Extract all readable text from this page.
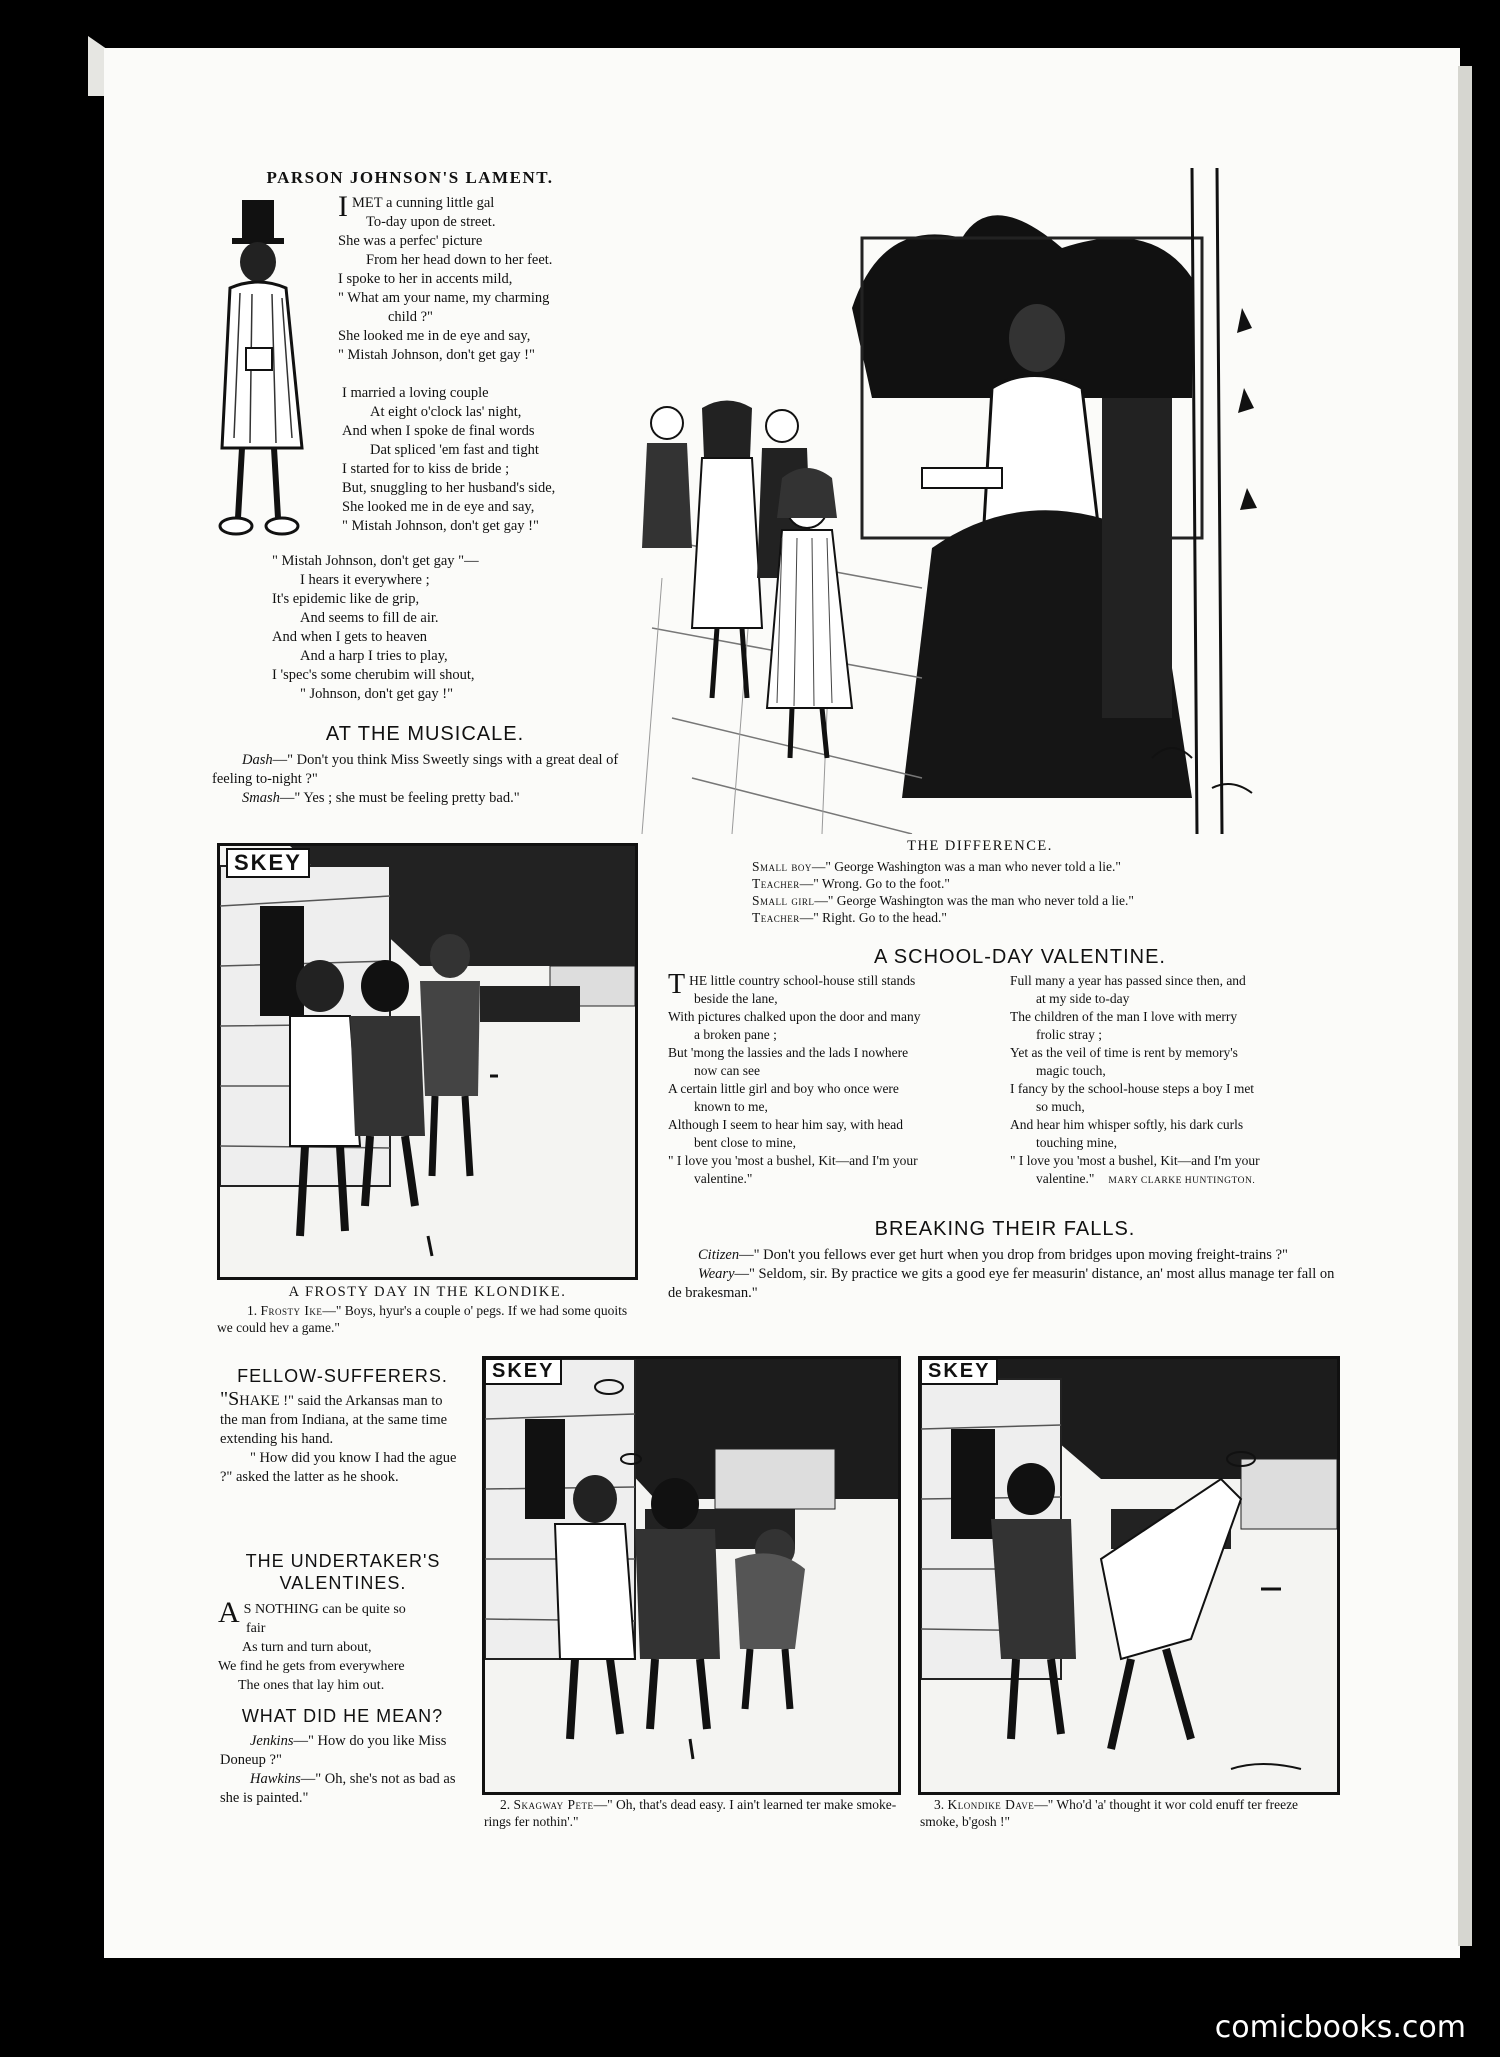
PARSON JOHNSON'S LAMENT.
I MET a cunning little gal
To-day upon de street.
She was a perfec' picture
From her head down to her feet.
I spoke to her in accents mild,
" What am your name, my charming
child ?"
She looked me in de eye and say,
" Mistah Johnson, don't get gay !"
I married a loving couple
At eight o'clock las' night,
And when I spoke de final words
Dat spliced 'em fast and tight
I started for to kiss de bride ;
But, snuggling to her husband's side,
She looked me in de eye and say,
" Mistah Johnson, don't get gay !"
" Mistah Johnson, don't get gay "—
I hears it everywhere ;
It's epidemic like de grip,
And seems to fill de air.
And when I gets to heaven
And a harp I tries to play,
I 'spec's some cherubim will shout,
" Johnson, don't get gay !"
AT THE MUSICALE.

Dash—" Don't you think Miss Sweetly sings with a great deal of feeling to-night ?"

Smash—" Yes ; she must be feeling pretty bad."

THE DIFFERENCE.
Small boy—" George Washington was a man who never told a lie."
Teacher—" Wrong. Go to the foot."
Small girl—" George Washington was the man who never told a lie."
Teacher—" Right. Go to the head."
SKEY
A FROSTY DAY IN THE KLONDIKE.
1. Frosty Ike—" Boys, hyur's a couple o' pegs. If we had some quoits we could hev a game."
A SCHOOL-DAY VALENTINE.
T HE little country school-house still stands
beside the lane,
With pictures chalked upon the door and many
a broken pane ;
But 'mong the lassies and the lads I nowhere
now can see
A certain little girl and boy who once were
known to me,
Although I seem to hear him say, with head
bent close to mine,
" I love you 'most a bushel, Kit—and I'm your
valentine."
Full many a year has passed since then, and
at my side to-day
The children of the man I love with merry
frolic stray ;
Yet as the veil of time is rent by memory's
magic touch,
I fancy by the school-house steps a boy I met
so much,
And hear him whisper softly, his dark curls
touching mine,
" I love you 'most a bushel, Kit—and I'm your
valentine." MARY CLARKE HUNTINGTON.
BREAKING THEIR FALLS.

Citizen—" Don't you fellows ever get hurt when you drop from bridges upon moving freight-trains ?"

Weary—" Seldom, sir. By practice we gits a good eye fer measurin' distance, an' most allus manage ter fall on de brakesman."

FELLOW-SUFFERERS.

"SHAKE !" said the Arkansas man to the man from Indiana, at the same time extending his hand.

" How did you know I had the ague ?" asked the latter as he shook.

THE UNDERTAKER'S VALENTINES.
A S NOTHING can be quite so
fair
As turn and turn about,
We find he gets from everywhere
The ones that lay him out.
WHAT DID HE MEAN?

Jenkins—" How do you like Miss Doneup ?"

Hawkins—" Oh, she's not as bad as she is painted."

SKEY
2. Skagway Pete—" Oh, that's dead easy. I ain't learned ter make smoke-rings fer nothin'."
SKEY
3. Klondike Dave—" Who'd 'a' thought it wor cold enuff ter freeze smoke, b'gosh !"
comicbooks.com
